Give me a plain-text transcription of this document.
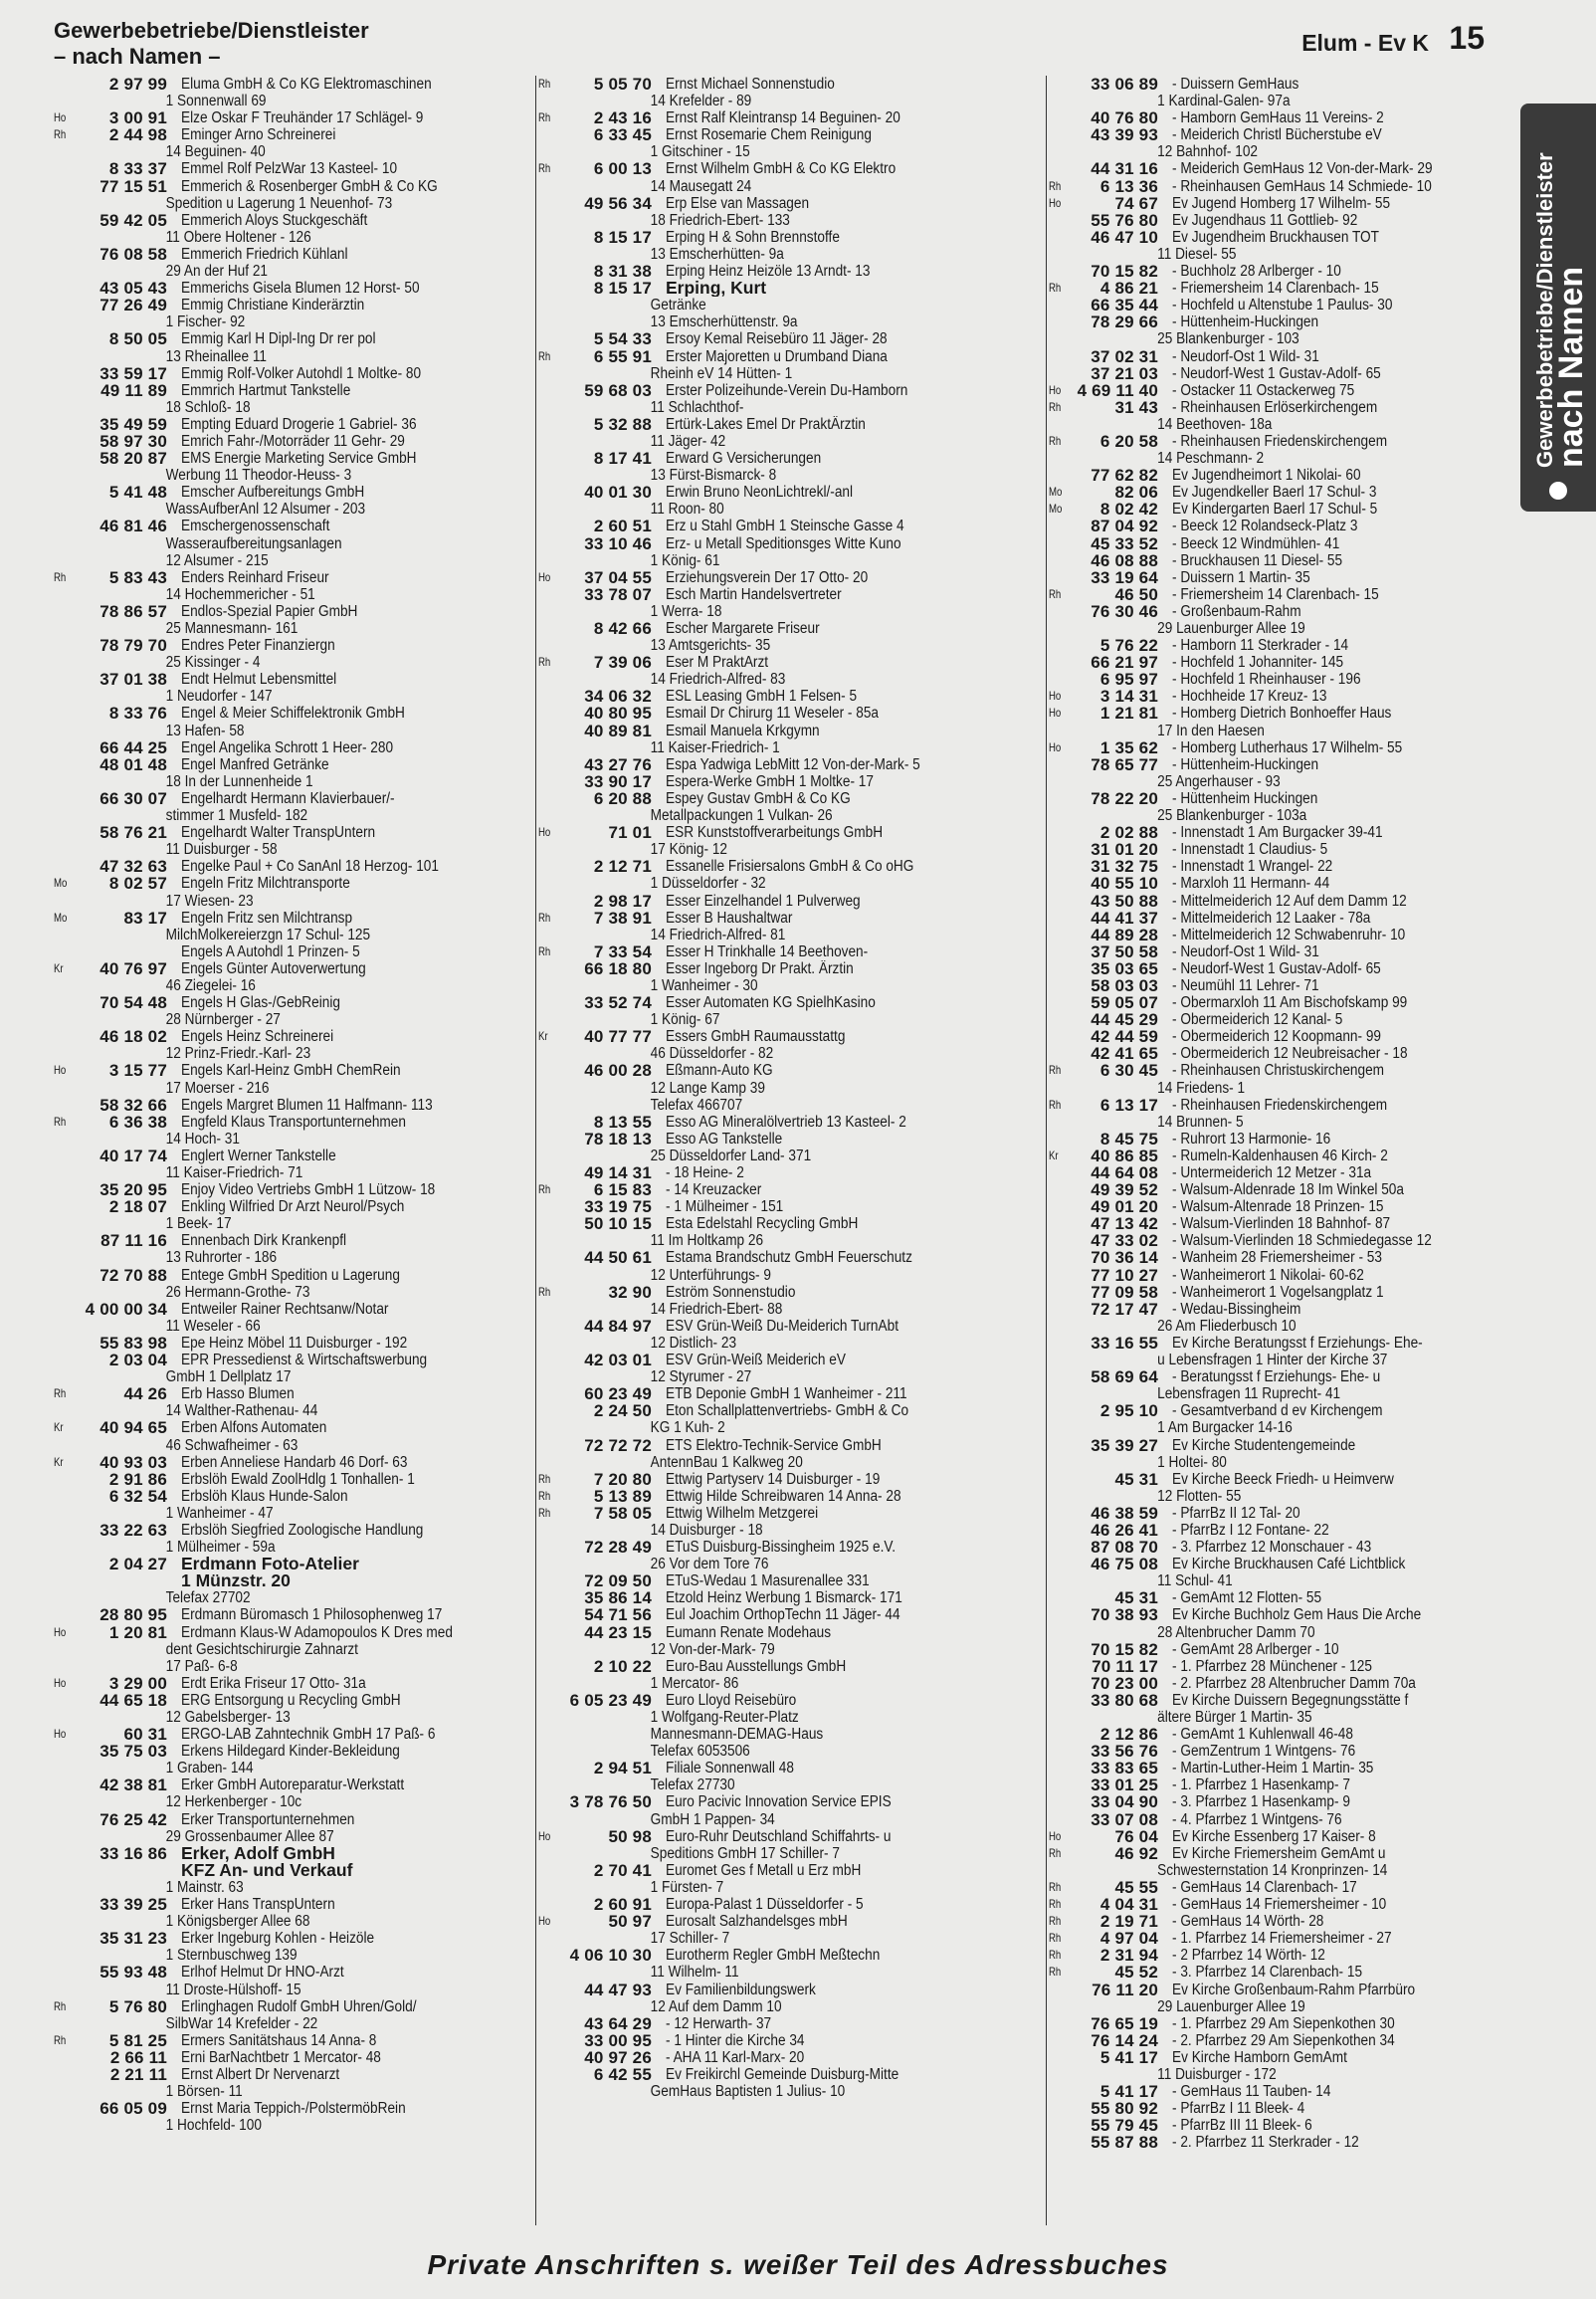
Gewerbebetriebe/Dienstleister
– nach Namen –
Elum - Ev K 15
2 97 99 Eluma GmbH & Co KG Elektromaschinen
1 Sonnenwall 69
Ho	3 00 91 Elze Oskar F Treuhänder 17 Schlägel- 9
Rh	2 44 98 Eminger Arno Schreinerei
14 Beguinen- 40
8 33 37 Emmel Rolf PelzWar 13 Kasteel- 10
77 15 51 Emmerich & Rosenberger GmbH & Co KG
Spedition u Lagerung 1 Neuenhof- 73
59 42 05 Emmerich Aloys Stuckgeschäft
11 Obere Holtener - 126
76 08 58 Emmerich Friedrich Kühlanl
29 An der Huf 21
43 05 43 Emmerichs Gisela Blumen 12 Horst- 50
77 26 49 Emmig Christiane Kinderärztin
1 Fischer- 92
8 50 05 Emmig Karl H Dipl-Ing Dr rer pol
13 Rheinallee 11
33 59 17 Emmig Rolf-Volker Autohdl 1 Moltke- 80
49 11 89 Emmrich Hartmut Tankstelle
18 Schloß- 18
35 49 59 Empting Eduard Drogerie 1 Gabriel- 36
58 97 30 Emrich Fahr-/Motorräder 11 Gehr- 29
58 20 87 EMS Energie Marketing Service GmbH
Werbung 11 Theodor-Heuss- 3
5 41 48 Emscher Aufbereitungs GmbH
WassAufberAnl 12 Alsumer - 203
46 81 46 Emschergenossenschaft
Wasseraufbereitungsanlagen
12 Alsumer - 215
Rh	5 83 43 Enders Reinhard Friseur
14 Hochemmericher - 51
78 86 57 Endlos-Spezial Papier GmbH
25 Mannesmann- 161
78 79 70 Endres Peter Finanziergn
25 Kissinger - 4
37 01 38 Endt Helmut Lebensmittel
1 Neudorfer - 147
8 33 76 Engel & Meier Schiffelektronik GmbH
13 Hafen- 58
66 44 25 Engel Angelika Schrott 1 Heer- 280
48 01 48 Engel Manfred Getränke
18 In der Lunnenheide 1
66 30 07 Engelhardt Hermann Klavierbauer/-
stimmer 1 Musfeld- 182
58 76 21 Engelhardt Walter TranspUntern
11 Duisburger - 58
47 32 63 Engelke Paul + Co SanAnl 18 Herzog- 101
Mo	8 02 57 Engeln Fritz Milchtransporte
17 Wiesen- 23
Mo	83 17 Engeln Fritz sen Milchtransp
MilchMolkereierzgn 17 Schul- 125
Engels A Autohdl 1 Prinzen- 5
Kr	40 76 97 Engels Günter Autoverwertung
46 Ziegelei- 16
70 54 48 Engels H Glas-/GebReinig
28 Nürnberger - 27
46 18 02 Engels Heinz Schreinerei
12 Prinz-Friedr.-Karl- 23
Ho	3 15 77 Engels Karl-Heinz GmbH ChemRein
17 Moerser - 216
58 32 66 Engels Margret Blumen 11 Halfmann- 113
Rh	6 36 38 Engfeld Klaus Transportunternehmen
14 Hoch- 31
40 17 74 Englert Werner Tankstelle
11 Kaiser-Friedrich- 71
35 20 95 Enjoy Video Vertriebs GmbH 1 Lützow- 18
2 18 07 Enkling Wilfried Dr Arzt Neurol/Psych
1 Beek- 17
87 11 16 Ennenbach Dirk Krankenpfl
13 Ruhrorter - 186
72 70 88 Entege GmbH Spedition u Lagerung
26 Hermann-Grothe- 73
4 00 00 34 Entweiler Rainer Rechtsanw/Notar
11 Weseler - 66
55 83 98 Epe Heinz Möbel 11 Duisburger - 192
2 03 04 EPR Pressedienst & Wirtschaftswerbung
GmbH 1 Dellplatz 17
Rh	44 26 Erb Hasso Blumen
14 Walther-Rathenau- 44
Kr	40 94 65 Erben Alfons Automaten
46 Schwafheimer - 63
Kr	40 93 03 Erben Anneliese Handarb 46 Dorf- 63
2 91 86 Erbslöh Ewald ZoolHdlg 1 Tonhallen- 1
6 32 54 Erbslöh Klaus Hunde-Salon
1 Wanheimer - 47
33 22 63 Erbslöh Siegfried Zoologische Handlung
1 Mülheimer - 59a
2 04 27 Erdmann Foto-Atelier
1 Münzstr. 20
Telefax 27702
28 80 95 Erdmann Büromasch 1 Philosophenweg 17
Ho	1 20 81 Erdmann Klaus-W Adamopoulos K Dres med
dent Gesichtschirurgie Zahnarzt
17 Paß- 6-8
Ho	3 29 00 Erdt Erika Friseur 17 Otto- 31a
44 65 18 ERG Entsorgung u Recycling GmbH
12 Gabelsberger- 13
Ho	60 31 ERGO-LAB Zahntechnik GmbH 17 Paß- 6
35 75 03 Erkens Hildegard Kinder-Bekleidung
1 Graben- 144
42 38 81 Erker GmbH Autoreparatur-Werkstatt
12 Herkenberger - 10c
76 25 42 Erker Transportunternehmen
29 Grossenbaumer Allee 87
33 16 86 Erker, Adolf GmbH
KFZ An- und Verkauf
1 Mainstr. 63
33 39 25 Erker Hans TranspUntern
1 Königsberger Allee 68
35 31 23 Erker Ingeburg Kohlen - Heizöle
1 Sternbuschweg 139
55 93 48 Erlhof Helmut Dr HNO-Arzt
11 Droste-Hülshoff- 15
Rh	5 76 80 Erlinghagen Rudolf GmbH Uhren/Gold/
SilbWar 14 Krefelder - 22
Rh	5 81 25 Ermers Sanitätshaus 14 Anna- 8
2 66 11 Erni BarNachtbetr 1 Mercator- 48
2 21 11 Ernst Albert Dr Nervenarzt
1 Börsen- 11
66 05 09 Ernst Maria Teppich-/PolstermöbRein
1 Hochfeld- 100
Rh	5 05 70 Ernst Michael Sonnenstudio
14 Krefelder - 89
Rh	2 43 16 Ernst Ralf Kleintransp 14 Beguinen- 20
6 33 45 Ernst Rosemarie Chem Reinigung
1 Gitschiner - 15
Rh	6 00 13 Ernst Wilhelm GmbH & Co KG Elektro
14 Mausegatt 24
49 56 34 Erp Else van Massagen
18 Friedrich-Ebert- 133
8 15 17 Erping H & Sohn Brennstoffe
13 Emscherhütten- 9a
8 31 38 Erping Heinz Heizöle 13 Arndt- 13
8 15 17 Erping, Kurt
Getränke
13 Emscherhüttenstr. 9a
5 54 33 Ersoy Kemal Reisebüro 11 Jäger- 28
Rh	6 55 91 Erster Majoretten u Drumband Diana
Rheinh eV 14 Hütten- 1
59 68 03 Erster Polizeihunde-Verein Du-Hamborn
11 Schlachthof-
5 32 88 Ertürk-Lakes Emel Dr PraktÄrztin
11 Jäger- 42
8 17 41 Erward G Versicherungen
13 Fürst-Bismarck- 8
40 01 30 Erwin Bruno NeonLichtrekl/-anl
11 Roon- 80
2 60 51 Erz u Stahl GmbH 1 Steinsche Gasse 4
33 10 46 Erz- u Metall Speditionsges Witte Kuno
1 König- 61
Ho	37 04 55 Erziehungsverein Der 17 Otto- 20
33 78 07 Esch Martin Handelsvertreter
1 Werra- 18
8 42 66 Escher Margarete Friseur
13 Amtsgerichts- 35
Rh	7 39 06 Eser M PraktArzt
14 Friedrich-Alfred- 83
34 06 32 ESL Leasing GmbH 1 Felsen- 5
40 80 95 Esmail Dr Chirurg 11 Weseler - 85a
40 89 81 Esmail Manuela Krkgymn
11 Kaiser-Friedrich- 1
43 27 76 Espa Yadwiga LebMitt 12 Von-der-Mark- 5
33 90 17 Espera-Werke GmbH 1 Moltke- 17
6 20 88 Espey Gustav GmbH & Co KG
Metallpackungen 1 Vulkan- 26
Ho	71 01 ESR Kunststoffverarbeitungs GmbH
17 König- 12
2 12 71 Essanelle Frisiersalons GmbH & Co oHG
1 Düsseldorfer - 32
2 98 17 Esser Einzelhandel 1 Pulverweg
Rh	7 38 91 Esser B Haushaltwar
14 Friedrich-Alfred- 81
Rh	7 33 54 Esser H Trinkhalle 14 Beethoven-
66 18 80 Esser Ingeborg Dr Prakt. Ärztin
1 Wanheimer - 30
33 52 74 Esser Automaten KG SpielhKasino
1 König- 67
Kr	40 77 77 Essers GmbH Raumausstattg
46 Düsseldorfer - 82
46 00 28 Eßmann-Auto KG
12 Lange Kamp 39
Telefax 466707
8 13 55 Esso AG Mineralölvertrieb 13 Kasteel- 2
78 18 13 Esso AG Tankstelle
25 Düsseldorfer Land- 371
49 14 31 - 18 Heine- 2
Rh	6 15 83 - 14 Kreuzacker
33 19 75 - 1 Mülheimer - 151
50 10 15 Esta Edelstahl Recycling GmbH
11 Im Holtkamp 26
44 50 61 Estama Brandschutz GmbH Feuerschutz
12 Unterführungs- 9
Rh	32 90 Eström Sonnenstudio
14 Friedrich-Ebert- 88
44 84 97 ESV Grün-Weiß Du-Meiderich TurnAbt
12 Distlich- 23
42 03 01 ESV Grün-Weiß Meiderich eV
12 Styrumer - 27
60 23 49 ETB Deponie GmbH 1 Wanheimer - 211
2 24 50 Eton Schallplattenvertriebs- GmbH & Co
KG 1 Kuh- 2
72 72 72 ETS Elektro-Technik-Service GmbH
AntennBau 1 Kalkweg 20
Rh	7 20 80 Ettwig Partyserv 14 Duisburger - 19
Rh	5 13 89 Ettwig Hilde Schreibwaren 14 Anna- 28
Rh	7 58 05 Ettwig Wilhelm Metzgerei
14 Duisburger - 18
72 28 49 ETuS Duisburg-Bissingheim 1925 e.V.
26 Vor dem Tore 76
72 09 50 ETuS-Wedau 1 Masurenallee 331
35 86 14 Etzold Heinz Werbung 1 Bismarck- 171
54 71 56 Eul Joachim OrthopTechn 11 Jäger- 44
44 23 15 Eumann Renate Modehaus
12 Von-der-Mark- 79
2 10 22 Euro-Bau Ausstellungs GmbH
1 Mercator- 86
6 05 23 49 Euro Lloyd Reisebüro
1 Wolfgang-Reuter-Platz
Mannesmann-DEMAG-Haus
Telefax 6053506
2 94 51 Filiale Sonnenwall 48
Telefax 27730
3 78 76 50 Euro Pacivic Innovation Service EPIS
GmbH 1 Pappen- 34
Ho	50 98 Euro-Ruhr Deutschland Schiffahrts- u
Speditions GmbH 17 Schiller- 7
2 70 41 Euromet Ges f Metall u Erz mbH
1 Fürsten- 7
2 60 91 Europa-Palast 1 Düsseldorfer - 5
Ho	50 97 Eurosalt Salzhandelsges mbH
17 Schiller- 7
4 06 10 30 Eurotherm Regler GmbH Meßtechn
11 Wilhelm- 11
44 47 93 Ev Familienbildungswerk
12 Auf dem Damm 10
43 64 29 - 12 Herwarth- 37
33 00 95 - 1 Hinter die Kirche 34
40 97 26 - AHA 11 Karl-Marx- 20
6 42 55 Ev Freikirchl Gemeinde Duisburg-Mitte
GemHaus Baptisten 1 Julius- 10
33 06 89 - Duissern GemHaus
1 Kardinal-Galen- 97a
40 76 80 - Hamborn GemHaus 11 Vereins- 2
43 39 93 - Meiderich Christl Bücherstube eV
12 Bahnhof- 102
44 31 16 - Meiderich GemHaus 12 Von-der-Mark- 29
Rh	6 13 36 - Rheinhausen GemHaus 14 Schmiede- 10
Ho	74 67 Ev Jugend Homberg 17 Wilhelm- 55
55 76 80 Ev Jugendhaus 11 Gottlieb- 92
46 47 10 Ev Jugendheim Bruckhausen TOT
11 Diesel- 55
70 15 82 - Buchholz 28 Arlberger - 10
Rh	4 86 21 - Friemersheim 14 Clarenbach- 15
66 35 44 - Hochfeld u Altenstube 1 Paulus- 30
78 29 66 - Hüttenheim-Huckingen
25 Blankenburger - 103
37 02 31 - Neudorf-Ost 1 Wild- 31
37 21 03 - Neudorf-West 1 Gustav-Adolf- 65
Ho 4 69 11 40 - Ostacker 11 Ostackerweg 75
Rh	31 43 - Rheinhausen Erlöserkirchengem
14 Beethoven- 18a
Rh	6 20 58 - Rheinhausen Friedenskirchengem
14 Peschmann- 2
77 62 82 Ev Jugendheimort 1 Nikolai- 60
Mo	82 06 Ev Jugendkeller Baerl 17 Schul- 3
Mo	8 02 42 Ev Kindergarten Baerl 17 Schul- 5
87 04 92 - Beeck 12 Rolandseck-Platz 3
45 33 52 - Beeck 12 Windmühlen- 41
46 08 88 - Bruckhausen 11 Diesel- 55
33 19 64 - Duissern 1 Martin- 35
Rh	46 50 - Friemersheim 14 Clarenbach- 15
76 30 46 - Großenbaum-Rahm
29 Lauenburger Allee 19
5 76 22 - Hamborn 11 Sterkrader - 14
66 21 97 - Hochfeld 1 Johanniter- 145
6 95 97 - Hochfeld 1 Rheinhauser - 196
Ho	3 14 31 - Hochheide 17 Kreuz- 13
Ho	1 21 81 - Homberg Dietrich Bonhoeffer Haus
17 In den Haesen
Ho	1 35 62 - Homberg Lutherhaus 17 Wilhelm- 55
78 65 77 - Hüttenheim-Huckingen
25 Angerhauser - 93
78 22 20 - Hüttenheim Huckingen
25 Blankenburger - 103a
2 02 88 - Innenstadt 1 Am Burgacker 39-41
31 01 20 - Innenstadt 1 Claudius- 5
31 32 75 - Innenstadt 1 Wrangel- 22
40 55 10 - Marxloh 11 Hermann- 44
43 50 88 - Mittelmeiderich 12 Auf dem Damm 12
44 41 37 - Mittelmeiderich 12 Laaker - 78a
44 89 28 - Mittelmeiderich 12 Schwabenruhr- 10
37 50 58 - Neudorf-Ost 1 Wild- 31
35 03 65 - Neudorf-West 1 Gustav-Adolf- 65
58 03 03 - Neumühl 11 Lehrer- 71
59 05 07 - Obermarxloh 11 Am Bischofskamp 99
44 45 29 - Obermeiderich 12 Kanal- 5
42 44 59 - Obermeiderich 12 Koopmann- 99
42 41 65 - Obermeiderich 12 Neubreisacher - 18
Rh	6 30 45 - Rheinhausen Christuskirchengem
14 Friedens- 1
Rh	6 13 17 - Rheinhausen Friedenskirchengem
14 Brunnen- 5
8 45 75 - Ruhrort 13 Harmonie- 16
Kr	40 86 85 - Rumeln-Kaldenhausen 46 Kirch- 2
44 64 08 - Untermeiderich 12 Metzer - 31a
49 39 52 - Walsum-Aldenrade 18 Im Winkel 50a
49 01 20 - Walsum-Altenrade 18 Prinzen- 15
47 13 42 - Walsum-Vierlinden 18 Bahnhof- 87
47 33 02 - Walsum-Vierlinden 18 Schmiedegasse 12
70 36 14 - Wanheim 28 Friemersheimer - 53
77 10 27 - Wanheimerort 1 Nikolai- 60-62
77 09 58 - Wanheimerort 1 Vogelsangplatz 1
72 17 47 - Wedau-Bissingheim
26 Am Fliederbusch 10
33 16 55 Ev Kirche Beratungsst f Erziehungs- Ehe-
u Lebensfragen 1 Hinter der Kirche 37
58 69 64 - Beratungsst f Erziehungs- Ehe- u
Lebensfragen 11 Ruprecht- 41
2 95 10 - Gesamtverband d ev Kirchengem
1 Am Burgacker 14-16
35 39 27 Ev Kirche Studentengemeinde
1 Holtei- 80
45 31 Ev Kirche Beeck Friedh- u Heimverw
12 Flotten- 55
46 38 59 - PfarrBz II 12 Tal- 20
46 26 41 - PfarrBz I 12 Fontane- 22
87 08 70 - 3. Pfarrbez 12 Monschauer - 43
46 75 08 Ev Kirche Bruckhausen Café Lichtblick
11 Schul- 41
45 31 - GemAmt 12 Flotten- 55
70 38 93 Ev Kirche Buchholz Gem Haus Die Arche
28 Altenbrucher Damm 70
70 15 82 - GemAmt 28 Arlberger - 10
70 11 17 - 1. Pfarrbez 28 Münchener - 125
70 23 00 - 2. Pfarrbez 28 Altenbrucher Damm 70a
33 80 68 Ev Kirche Duissern Begegnungsstätte f
ältere Bürger 1 Martin- 35
2 12 86 - GemAmt 1 Kuhlenwall 46-48
33 56 76 - GemZentrum 1 Wintgens- 76
33 83 65 - Martin-Luther-Heim 1 Martin- 35
33 01 25 - 1. Pfarrbez 1 Hasenkamp- 7
33 04 90 - 3. Pfarrbez 1 Hasenkamp- 9
33 07 08 - 4. Pfarrbez 1 Wintgens- 76
Ho	76 04 Ev Kirche Essenberg 17 Kaiser- 8
Rh	46 92 Ev Kirche Friemersheim GemAmt u
Schwesternstation 14 Kronprinzen- 14
Rh	45 55 - GemHaus 14 Clarenbach- 17
Rh	4 04 31 - GemHaus 14 Friemersheimer - 10
Rh	2 19 71 - GemHaus 14 Wörth- 28
Rh	4 97 04 - 1. Pfarrbez 14 Friemersheimer - 27
Rh	2 31 94 - 2 Pfarrbez 14 Wörth- 12
Rh	45 52 - 3. Pfarrbez 14 Clarenbach- 15
76 11 20 Ev Kirche Großenbaum-Rahm Pfarrbüro
29 Lauenburger Allee 19
76 65 19 - 1. Pfarrbez 29 Am Siepenkothen 30
76 14 24 - 2. Pfarrbez 29 Am Siepenkothen 34
5 41 17 Ev Kirche Hamborn GemAmt
11 Duisburger - 172
5 41 17 - GemHaus 11 Tauben- 14
55 80 92 - PfarrBz I 11 Bleek- 4
55 79 45 - PfarrBz III 11 Bleek- 6
55 87 88 - 2. Pfarrbez 11 Sterkrader - 12
Gewerbebetriebe/Dienstleister
nach Namen
Private Anschriften s. weißer Teil des Adressbuches
